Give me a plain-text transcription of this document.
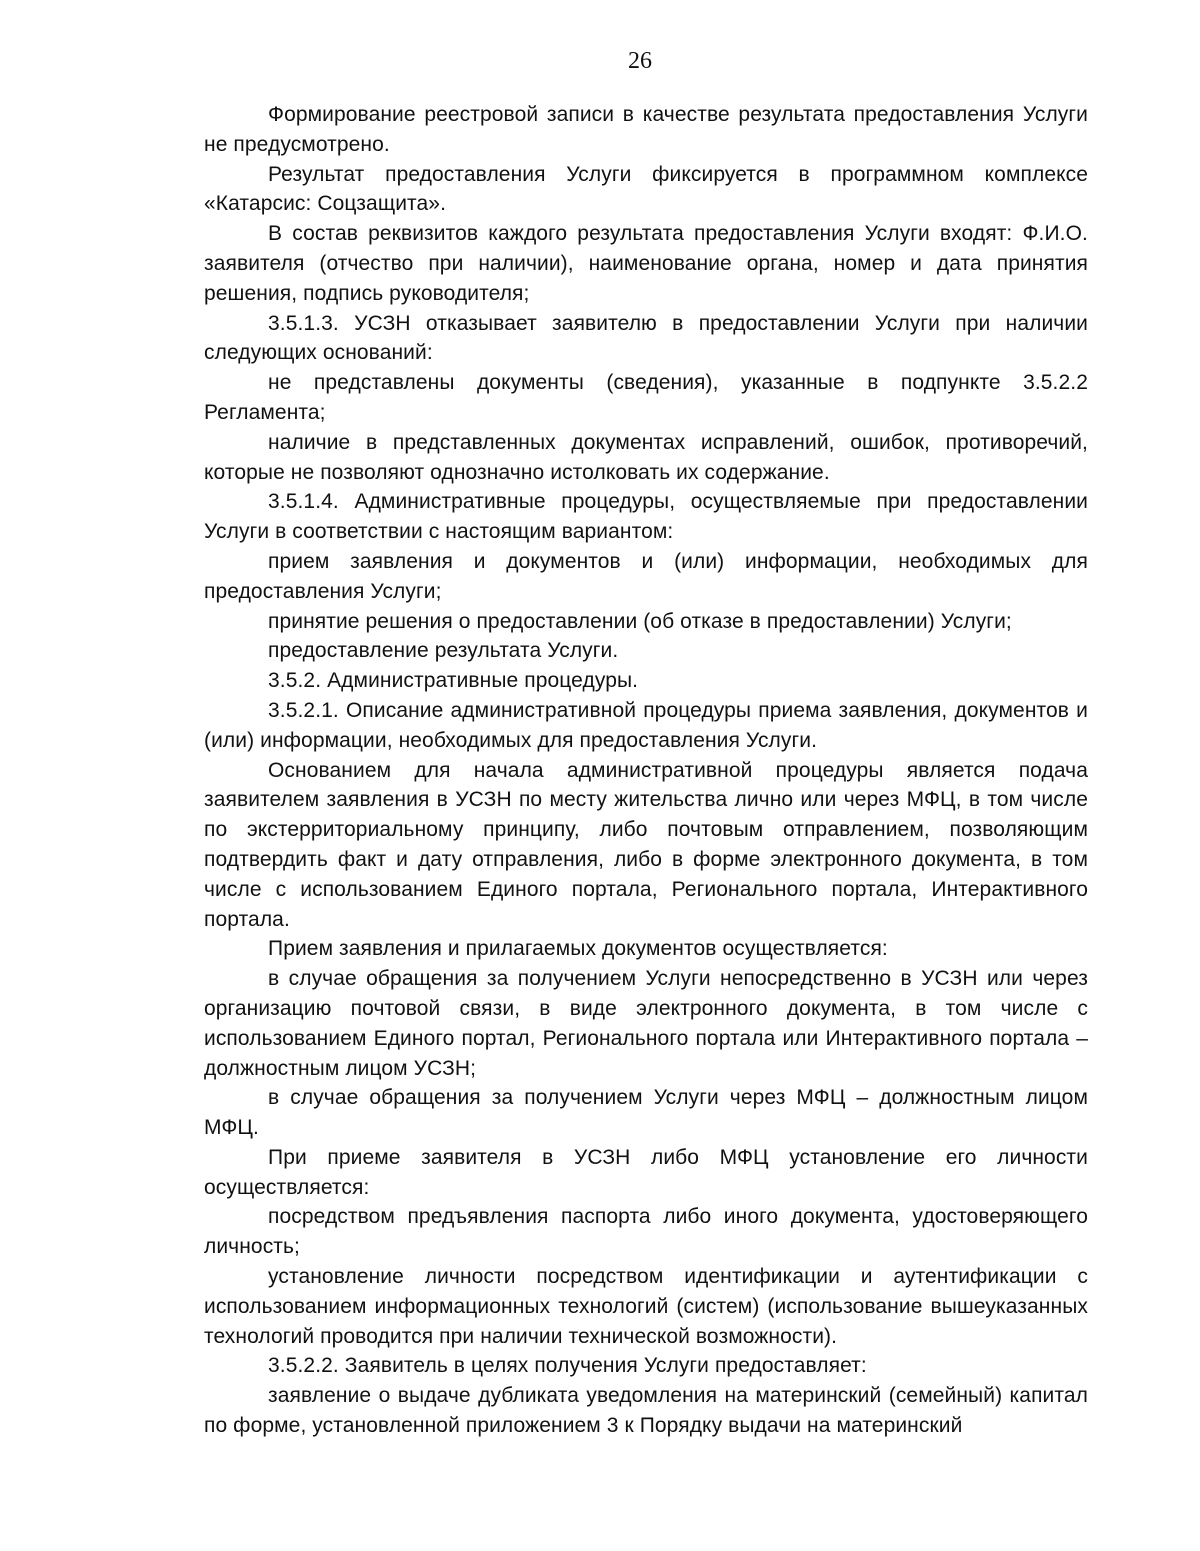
26

Формирование реестровой записи в качестве результата предоставления Услуги не предусмотрено.

Результат предоставления Услуги фиксируется в программном комплексе «Катарсис: Соцзащита».

В состав реквизитов каждого результата предоставления Услуги входят: Ф.И.О. заявителя (отчество при наличии), наименование органа, номер и дата принятия решения, подпись руководителя;

3.5.1.3. УСЗН отказывает заявителю в предоставлении Услуги при наличии следующих оснований:

не представлены документы (сведения), указанные в подпункте 3.5.2.2 Регламента;

наличие в представленных документах исправлений, ошибок, противоречий, которые не позволяют однозначно истолковать их содержание.

3.5.1.4. Административные процедуры, осуществляемые при предоставлении Услуги в соответствии с настоящим вариантом:

прием заявления и документов и (или) информации, необходимых для предоставления Услуги;

принятие решения о предоставлении (об отказе в предоставлении) Услуги;

предоставление результата Услуги.

3.5.2. Административные процедуры.

3.5.2.1. Описание административной процедуры приема заявления, документов и (или) информации, необходимых для предоставления Услуги.

Основанием для начала административной процедуры является подача заявителем заявления в УСЗН по месту жительства лично или через МФЦ, в том числе по экстерриториальному принципу, либо почтовым отправлением, позволяющим подтвердить факт и дату отправления, либо в форме электронного документа, в том числе с использованием Единого портала, Регионального портала, Интерактивного портала.

Прием заявления и прилагаемых документов осуществляется:

в случае обращения за получением Услуги непосредственно в УСЗН или через организацию почтовой связи, в виде электронного документа, в том числе с использованием Единого портал, Регионального портала или Интерактивного портала – должностным лицом УСЗН;

в случае обращения за получением Услуги через МФЦ – должностным лицом МФЦ.

При приеме заявителя в УСЗН либо МФЦ установление его личности осуществляется:

посредством предъявления паспорта либо иного документа, удостоверяющего личность;

установление личности посредством идентификации и аутентификации с использованием информационных технологий (систем) (использование вышеуказанных технологий проводится при наличии технической возможности).

3.5.2.2. Заявитель в целях получения Услуги предоставляет:

заявление о выдаче дубликата уведомления на материнский (семейный) капитал по форме, установленной приложением 3 к Порядку выдачи на материнский
